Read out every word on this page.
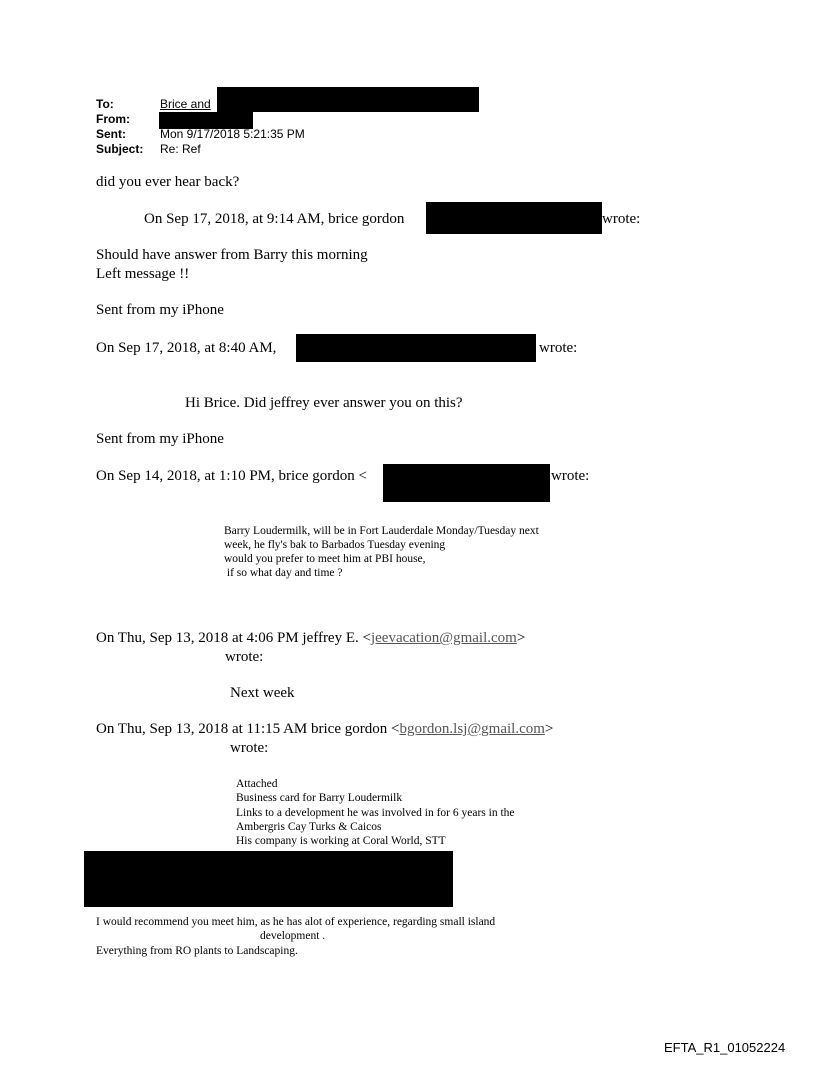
To:	Brice and
From:
Sent:	Mon 9/17/2018 5:21:35 PM
Subject: Re: Ref
did you ever hear back?
On Sep 17, 2018, at 9:14 AM, brice gordon	wrote:
Should have answer from Barry this morning
Left message !!
Sent from my iPhone
On Sep 17, 2018, at 8:40 AM,	wrote:
Hi Brice. Did jeffrey ever answer you on this?
Sent from my iPhone
On Sep 14, 2018, at 1:10 PM, brice gordon <	wrote:
Barry Loudermilk, will be in Fort Lauderdale Monday/Tuesday next
week, he fly's bak to Barbados Tuesday evening
would you prefer to meet him at PBI house,
if so what day and time ?
On Thu, Sep 13, 2018 at 4:06 PM jeffrey E. <jeevacation@gmail.com>
wrote:
Next week
On Thu, Sep 13, 2018 at 11:15 AM brice gordon <bgordon.lsj@gmail.com>
wrote:
Attached
Business card for Barry Loudermilk
Links to a development he was involved in for 6 years in the
Ambergris Cay Turks & Caicos
His company is working at Coral World, STT
I would recommend you meet him, as he has alot of experience, regarding small island
development .
Everything from RO plants to Landscaping.
EFTA_R1_01052224
